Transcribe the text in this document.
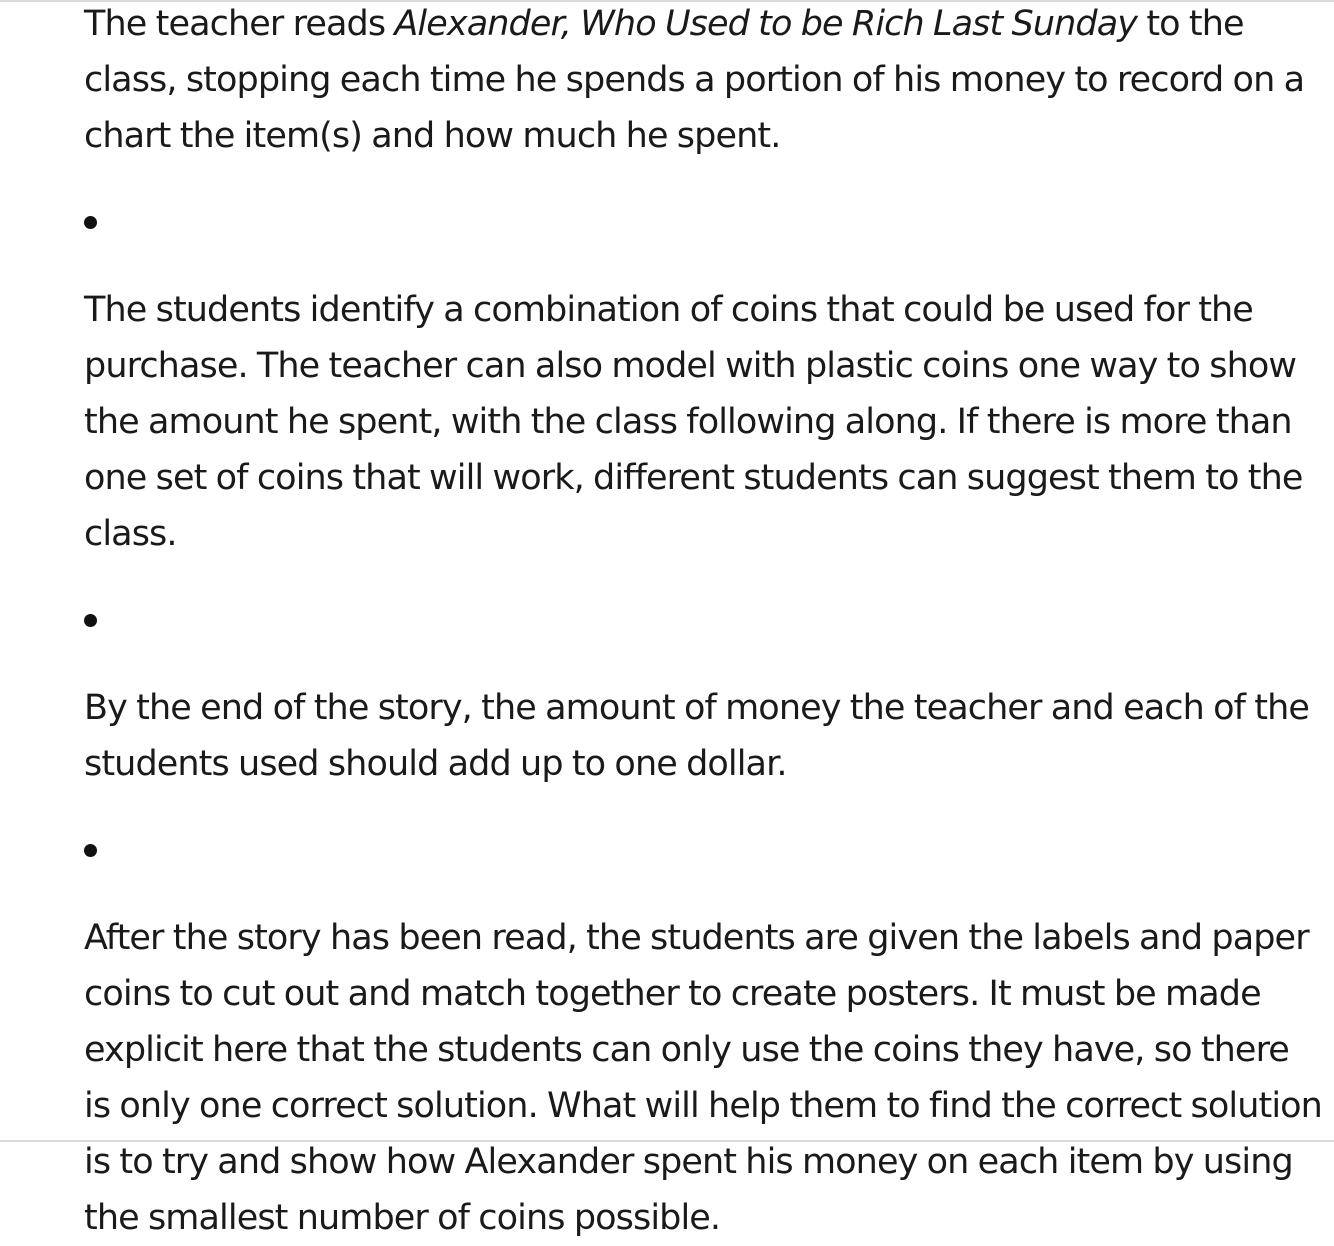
The teacher reads Alexander, Who Used to be Rich Last Sunday to the class, stopping each time he spends a portion of his money to record on a chart the item(s) and how much he spent.

The students identify a combination of coins that could be used for the purchase. The teacher can also model with plastic coins one way to show the amount he spent, with the class following along. If there is more than one set of coins that will work, different students can suggest them to the class.

By the end of the story, the amount of money the teacher and each of the students used should add up to one dollar.

After the story has been read, the students are given the labels and paper coins to cut out and match together to create posters. It must be made explicit here that the students can only use the coins they have, so there is only one correct solution. What will help them to find the correct solution is to try and show how Alexander spent his money on each item by using the smallest number of coins possible.
